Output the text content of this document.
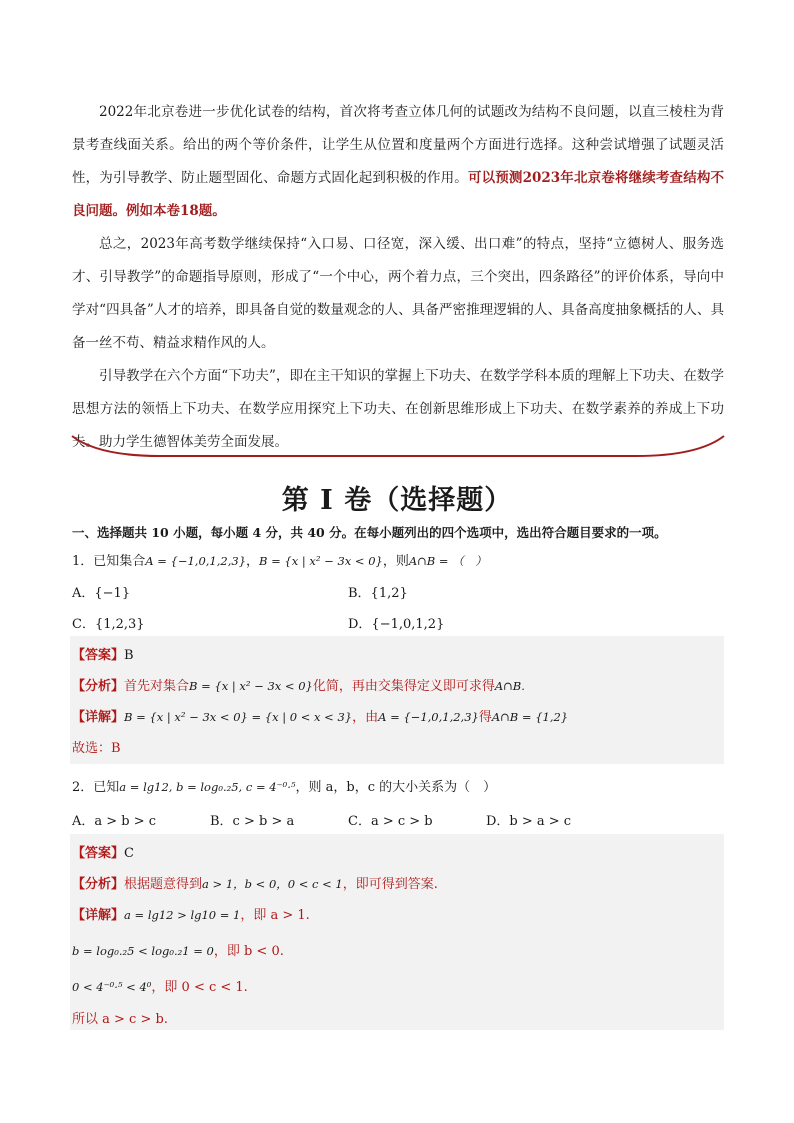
2022年北京卷进一步优化试卷的结构，首次将考查立体几何的试题改为结构不良问题，以直三棱柱为背景考查线面关系。给出的两个等价条件，让学生从位置和度量两个方面进行选择。这种尝试增强了试题灵活性，为引导教学、防止题型固化、命题方式固化起到积极的作用。可以预测2023年北京卷将继续考查结构不良问题。例如本卷18题。

总之，2023年高考数学继续保持“入口易、口径宽，深入缓、出口难”的特点，坚持“立德树人、服务选才、引导教学”的命题指导原则，形成了“一个中心，两个着力点，三个突出，四条路径”的评价体系，导向中学对“四具备”人才的培养，即具备自觉的数量观念的人、具备严密推理逻辑的人、具备高度抽象概括的人、具备一丝不苟、精益求精作风的人。

引导教学在六个方面“下功夫”，即在主干知识的掌握上下功夫、在数学学科本质的理解上下功夫、在数学思想方法的领悟上下功夫、在数学应用探究上下功夫、在创新思维形成上下功夫、在数学素养的养成上下功夫。助力学生德智体美劳全面发展。

第 I 卷（选择题）
一、选择题共 10 小题，每小题 4 分，共 40 分。在每小题列出的四个选项中，选出符合题目要求的一项。
1．已知集合A = {−1,0,1,2,3}，B = {x | x² − 3x < 0}，则A∩B = （　）
A．{−1}	B．{1,2}
C．{1,2,3}	D．{−1,0,1,2}
【答案】B
【分析】首先对集合B = {x | x² − 3x < 0}化简，再由交集得定义即可求得A∩B.
【详解】B = {x | x² − 3x < 0} = {x | 0 < x < 3}，由A = {−1,0,1,2,3}得A∩B = {1,2}
故选：B
2．已知a = lg12, b = log₀.₂5, c = 4⁻⁰·⁵，则 a，b，c 的大小关系为（　）
A．a > b > c	B．c > b > a	C．a > c > b	D．b > a > c
【答案】C
【分析】根据题意得到a > 1，b < 0，0 < c < 1，即可得到答案.
【详解】a = lg12 > lg10 = 1，即 a > 1.
b = log₀.₂5 < log₀.₂1 = 0，即 b < 0.
0 < 4⁻⁰·⁵ < 4⁰，即 0 < c < 1.
所以 a > c > b.
